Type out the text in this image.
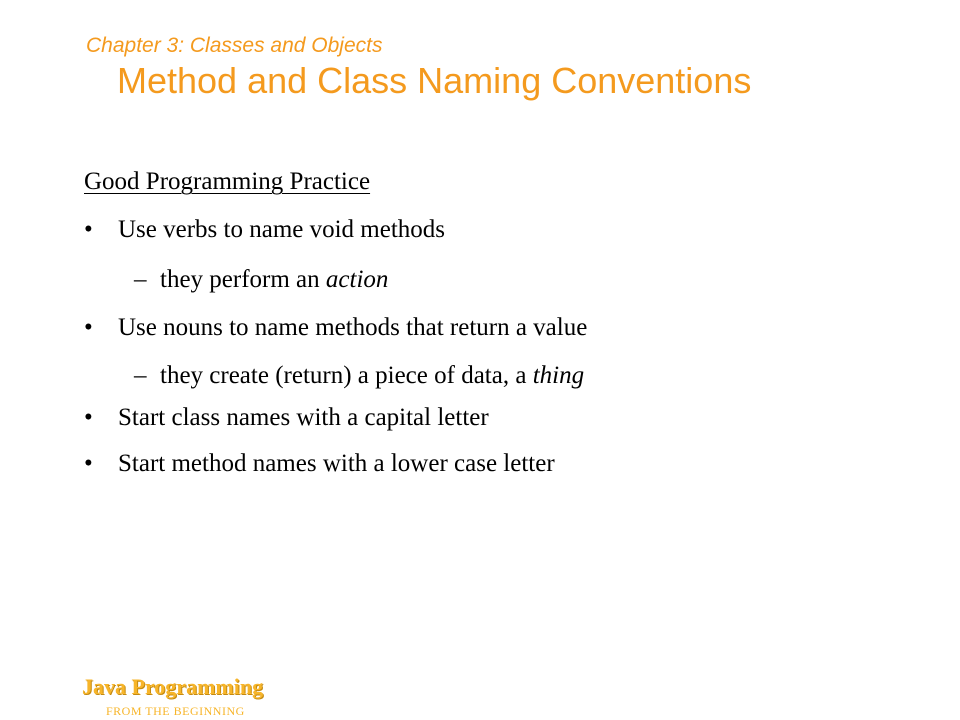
Chapter 3: Classes and Objects
Method and Class Naming Conventions
Good Programming Practice
• Use verbs to name void methods
– they perform an action
• Use nouns to name methods that return a value
– they create (return) a piece of data, a thing
• Start class names with a capital letter
• Start method names with a lower case letter
Java Programming
FROM THE BEGINNING
